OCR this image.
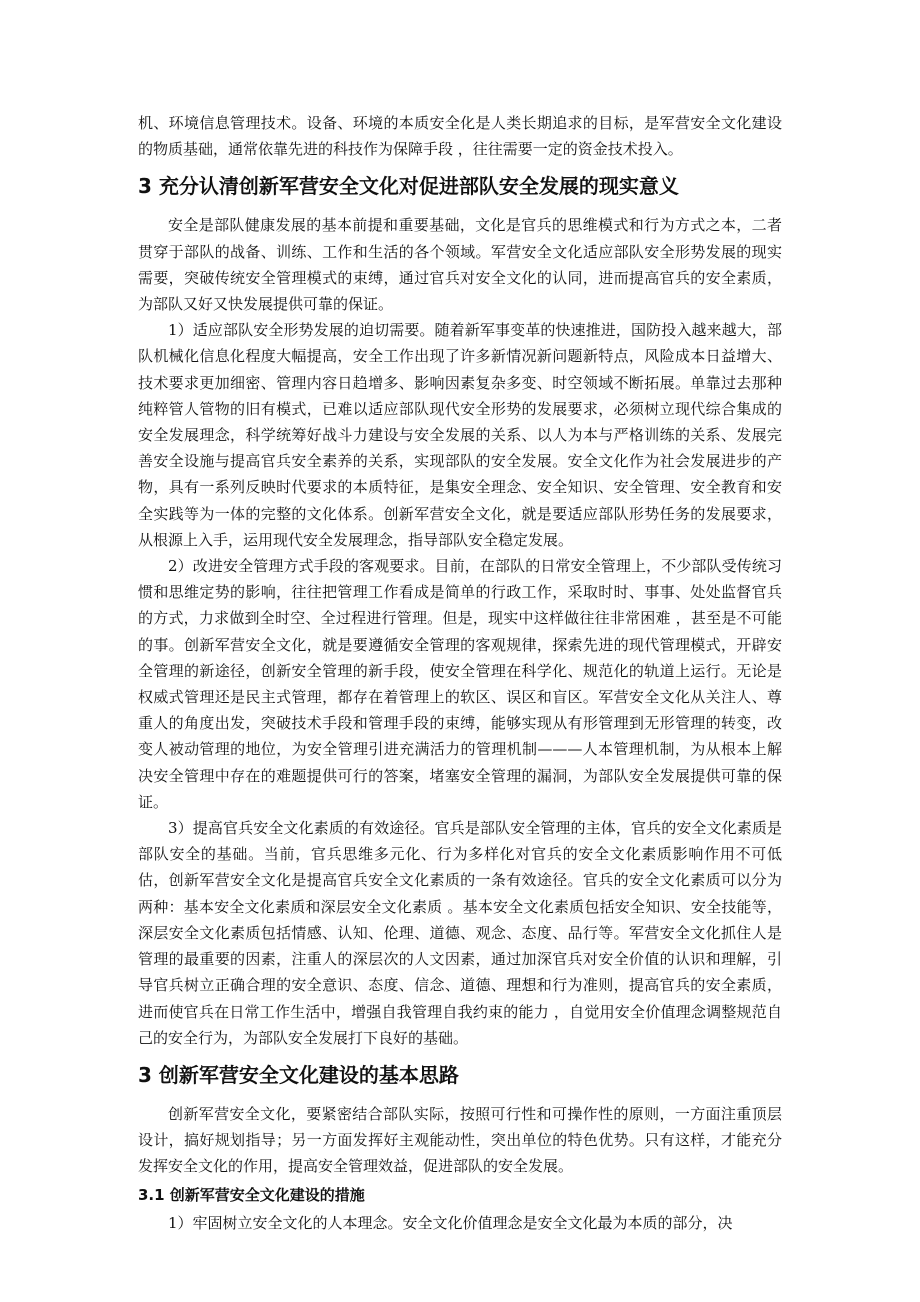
机、环境信息管理技术。设备、环境的本质安全化是人类长期追求的目标，是军营安全文化建设的物质基础，通常依靠先进的科技作为保障手段 ，往往需要一定的资金技术投入。

3 充分认清创新军营安全文化对促进部队安全发展的现实意义

安全是部队健康发展的基本前提和重要基础，文化是官兵的思维模式和行为方式之本，二者贯穿于部队的战备、训练、工作和生活的各个领域。军营安全文化适应部队安全形势发展的现实需要，突破传统安全管理模式的束缚，通过官兵对安全文化的认同，进而提高官兵的安全素质，为部队又好又快发展提供可靠的保证。

1）适应部队安全形势发展的迫切需要。随着新军事变革的快速推进，国防投入越来越大，部队机械化信息化程度大幅提高，安全工作出现了许多新情况新问题新特点，风险成本日益增大、技术要求更加细密、管理内容日趋增多、影响因素复杂多变、时空领域不断拓展。单靠过去那种纯粹管人管物的旧有模式，已难以适应部队现代安全形势的发展要求，必须树立现代综合集成的安全发展理念，科学统筹好战斗力建设与安全发展的关系、以人为本与严格训练的关系、发展完善安全设施与提高官兵安全素养的关系，实现部队的安全发展。安全文化作为社会发展进步的产物，具有一系列反映时代要求的本质特征，是集安全理念、安全知识、安全管理、安全教育和安全实践等为一体的完整的文化体系。创新军营安全文化，就是要适应部队形势任务的发展要求，从根源上入手，运用现代安全发展理念，指导部队安全稳定发展。

2）改进安全管理方式手段的客观要求。目前，在部队的日常安全管理上，不少部队受传统习惯和思维定势的影响，往往把管理工作看成是简单的行政工作，采取时时、事事、处处监督官兵的方式，力求做到全时空、全过程进行管理。但是，现实中这样做往往非常困难 ，甚至是不可能的事。创新军营安全文化，就是要遵循安全管理的客观规律，探索先进的现代管理模式，开辟安全管理的新途径，创新安全管理的新手段，使安全管理在科学化、规范化的轨道上运行。无论是权威式管理还是民主式管理，都存在着管理上的软区、误区和盲区。军营安全文化从关注人、尊重人的角度出发，突破技术手段和管理手段的束缚，能够实现从有形管理到无形管理的转变，改变人被动管理的地位，为安全管理引进充满活力的管理机制———人本管理机制，为从根本上解决安全管理中存在的难题提供可行的答案，堵塞安全管理的漏洞，为部队安全发展提供可靠的保证。

3）提高官兵安全文化素质的有效途径。官兵是部队安全管理的主体，官兵的安全文化素质是部队安全的基础。当前，官兵思维多元化、行为多样化对官兵的安全文化素质影响作用不可低估，创新军营安全文化是提高官兵安全文化素质的一条有效途径。官兵的安全文化素质可以分为两种：基本安全文化素质和深层安全文化素质 。基本安全文化素质包括安全知识、安全技能等，深层安全文化素质包括情感、认知、伦理、道德、观念、态度、品行等。军营安全文化抓住人是管理的最重要的因素，注重人的深层次的人文因素，通过加深官兵对安全价值的认识和理解，引导官兵树立正确合理的安全意识、态度、信念、道德、理想和行为准则，提高官兵的安全素质，进而使官兵在日常工作生活中，增强自我管理自我约束的能力 ，自觉用安全价值理念调整规范自己的安全行为，为部队安全发展打下良好的基础。

3 创新军营安全文化建设的基本思路

创新军营安全文化，要紧密结合部队实际，按照可行性和可操作性的原则，一方面注重顶层设计，搞好规划指导；另一方面发挥好主观能动性，突出单位的特色优势。只有这样，才能充分发挥安全文化的作用，提高安全管理效益，促进部队的安全发展。

3.1 创新军营安全文化建设的措施

1）牢固树立安全文化的人本理念。安全文化价值理念是安全文化最为本质的部分，决
